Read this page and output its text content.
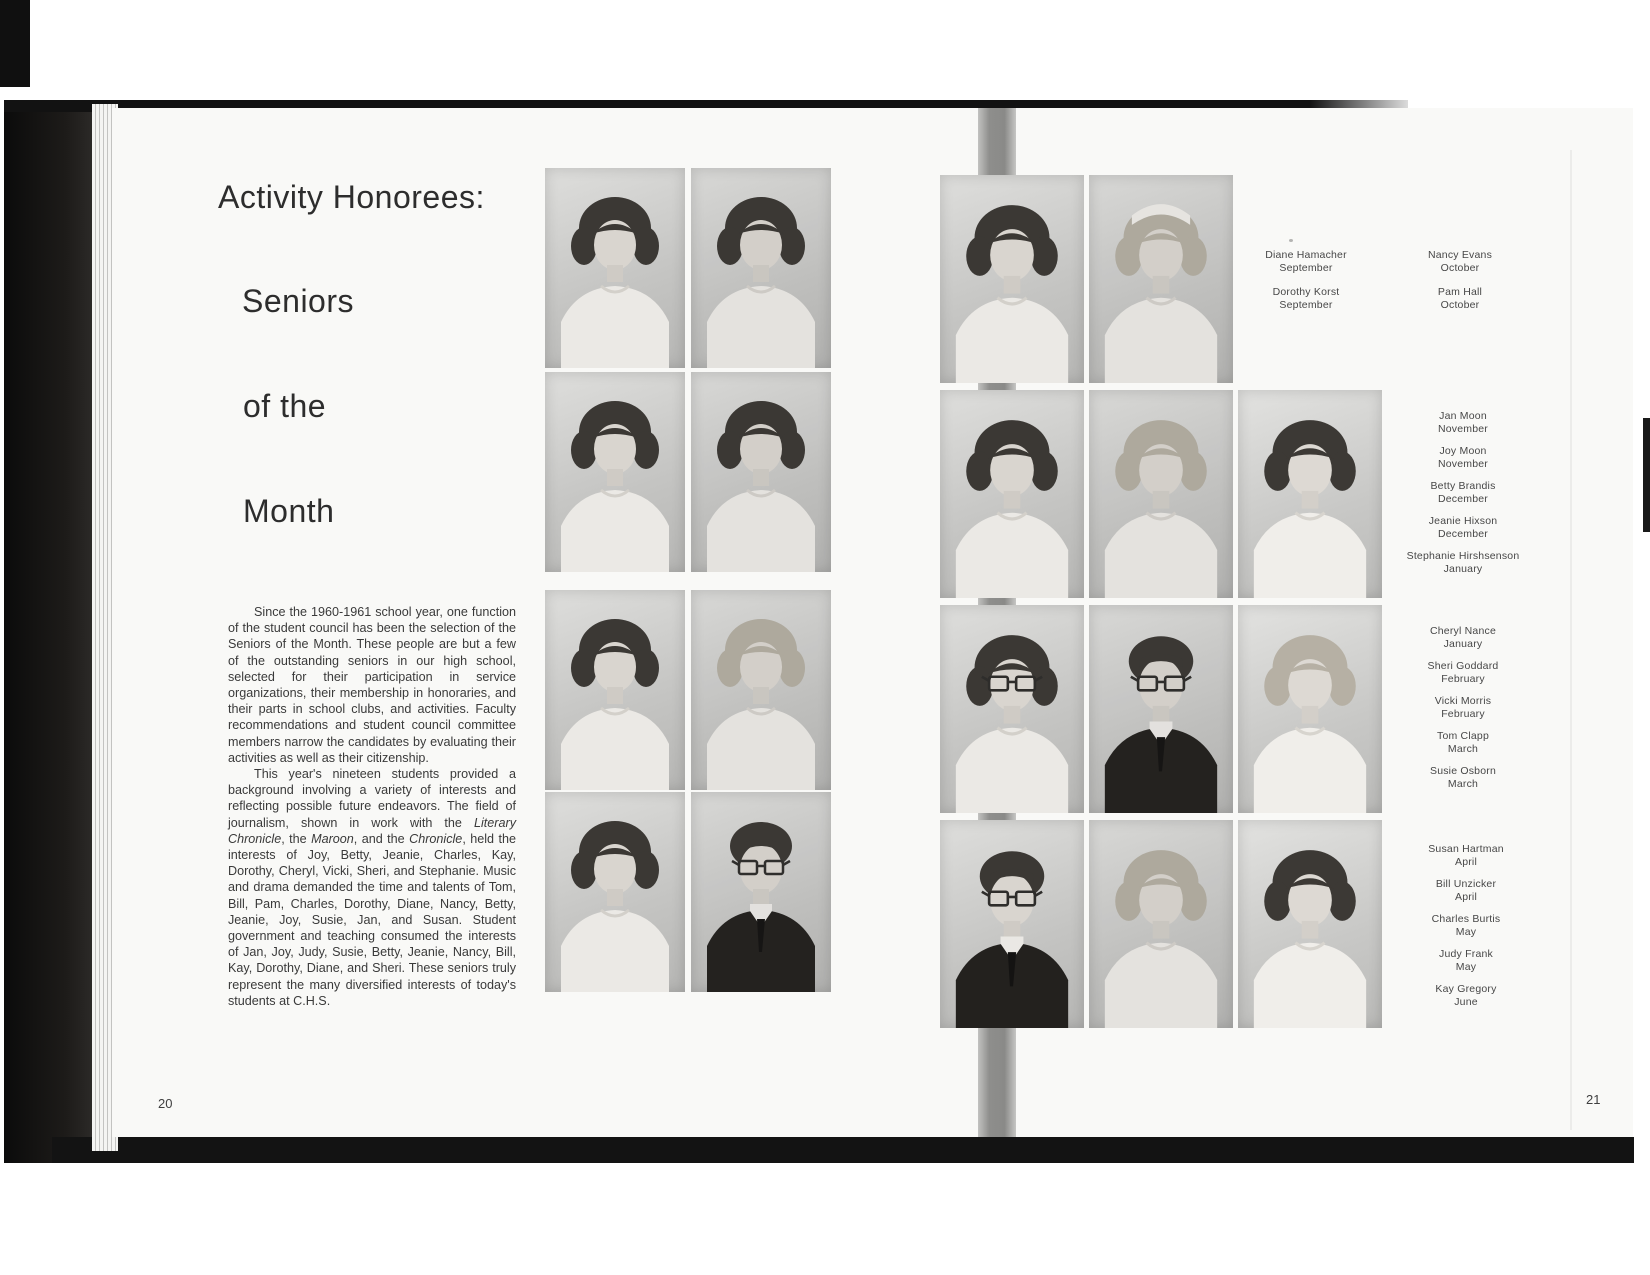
Activity Honorees:
Seniors
of the
Month

Since the 1960-1961 school year, one function of the student council has been the selection of the Seniors of the Month. These people are but a few of the outstanding seniors in our high school, selected for their participation in service organizations, their membership in honoraries, and their parts in school clubs, and activities. Faculty recommendations and student council committee members narrow the candidates by evaluating their activities as well as their citizenship.

This year's nineteen students provided a background involving a variety of interests and reflecting possible future endeavors. The field of journalism, shown in work with the Literary Chronicle, the Maroon, and the Chronicle, held the interests of Joy, Betty, Jeanie, Charles, Kay, Dorothy, Cheryl, Vicki, Sheri, and Stephanie. Music and drama demanded the time and talents of Tom, Bill, Pam, Charles, Dorothy, Diane, Nancy, Betty, Jeanie, Joy, Susie, Jan, and Susan. Student government and teaching consumed the interests of Jan, Joy, Judy, Susie, Betty, Jeanie, Nancy, Bill, Kay, Dorothy, Diane, and Sheri. These seniors truly represent the many diversified interests of today's students at C.H.S.

Diane Hamacher
September
Dorothy Korst
September
Nancy Evans
October
Pam Hall
October
Jan Moon
November
Joy Moon
November
Betty Brandis
December
Jeanie Hixson
December
Stephanie Hirshsenson
January
Cheryl Nance
January
Sheri Goddard
February
Vicki Morris
February
Tom Clapp
March
Susie Osborn
March
Susan Hartman
April
Bill Unzicker
April
Charles Burtis
May
Judy Frank
May
Kay Gregory
June
20	21
